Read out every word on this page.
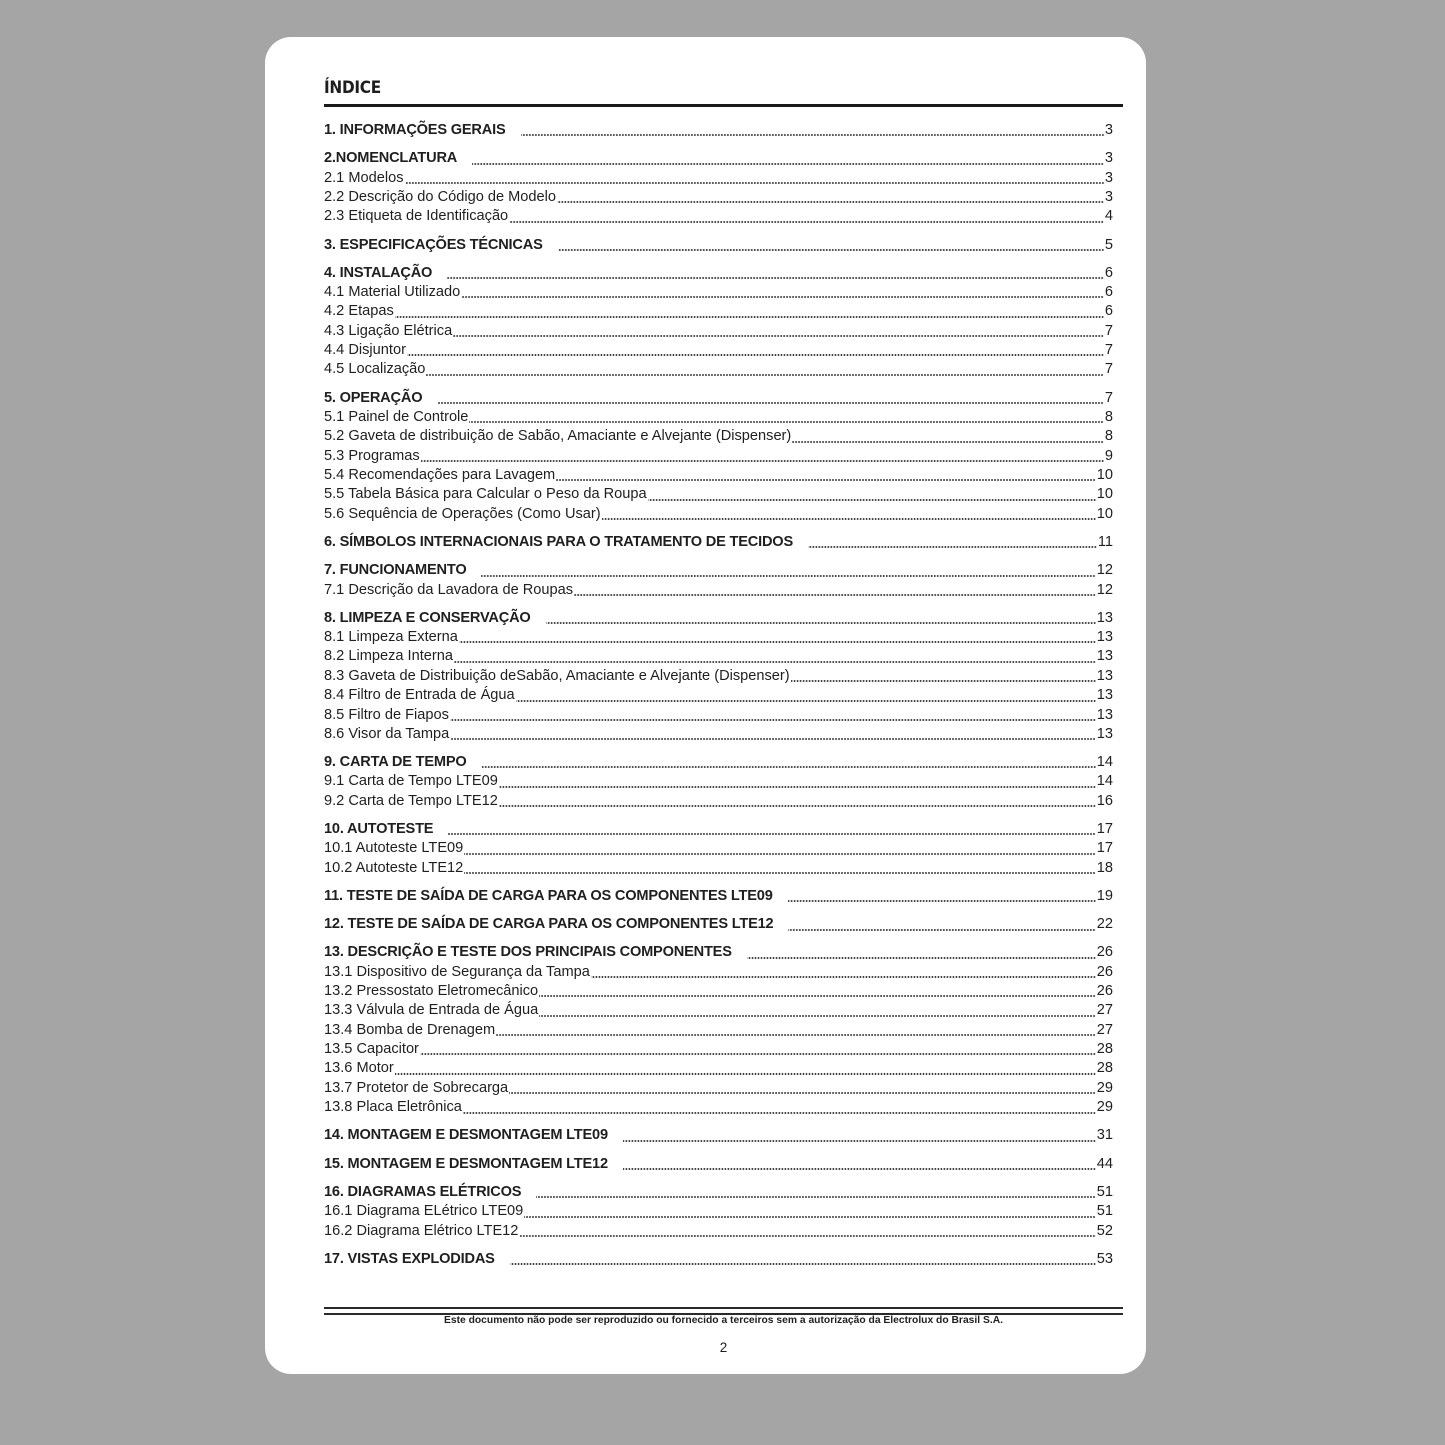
ÍNDICE
1. INFORMAÇÕES GERAIS	3
2.NOMENCLATURA	3
2.1 Modelos	3
2.2 Descrição do Código de Modelo	3
2.3 Etiqueta de Identificação	4
3. ESPECIFICAÇÕES TÉCNICAS	5
4. INSTALAÇÃO	6
4.1 Material Utilizado	6
4.2 Etapas	6
4.3 Ligação Elétrica	7
4.4 Disjuntor	7
4.5 Localização	7
5. OPERAÇÃO	7
5.1 Painel de Controle	8
5.2 Gaveta de distribuição de Sabão, Amaciante e Alvejante (Dispenser)	8
5.3 Programas	9
5.4 Recomendações para Lavagem	10
5.5 Tabela Básica para Calcular o Peso da Roupa	10
5.6 Sequência de Operações (Como Usar)	10
6. SÍMBOLOS INTERNACIONAIS PARA O TRATAMENTO DE TECIDOS	11
7. FUNCIONAMENTO	12
7.1 Descrição da Lavadora de Roupas	12
8. LIMPEZA E CONSERVAÇÃO	13
8.1 Limpeza Externa	13
8.2 Limpeza Interna	13
8.3 Gaveta de Distribuição deSabão, Amaciante e Alvejante (Dispenser)	13
8.4 Filtro de Entrada de Água	13
8.5 Filtro de Fiapos	13
8.6 Visor da Tampa	13
9. CARTA DE TEMPO	14
9.1 Carta de Tempo LTE09	14
9.2 Carta de Tempo LTE12	16
10. AUTOTESTE	17
10.1 Autoteste LTE09	17
10.2 Autoteste LTE12	18
11. TESTE DE SAÍDA DE CARGA PARA OS COMPONENTES LTE09	19
12. TESTE DE SAÍDA DE CARGA PARA OS COMPONENTES LTE12	22
13. DESCRIÇÃO E TESTE DOS PRINCIPAIS COMPONENTES	26
13.1 Dispositivo de Segurança da Tampa	26
13.2 Pressostato Eletromecânico	26
13.3 Válvula de Entrada de Água	27
13.4 Bomba de Drenagem	27
13.5 Capacitor	28
13.6 Motor	28
13.7 Protetor de Sobrecarga	29
13.8 Placa Eletrônica	29
14. MONTAGEM E DESMONTAGEM LTE09	31
15. MONTAGEM E DESMONTAGEM LTE12	44
16. DIAGRAMAS ELÉTRICOS	51
16.1 Diagrama ELétrico LTE09	51
16.2 Diagrama Elétrico LTE12	52
17. VISTAS EXPLODIDAS	53
Este documento não pode ser reproduzido ou fornecido a terceiros sem a autorização da Electrolux do Brasil S.A.
2
